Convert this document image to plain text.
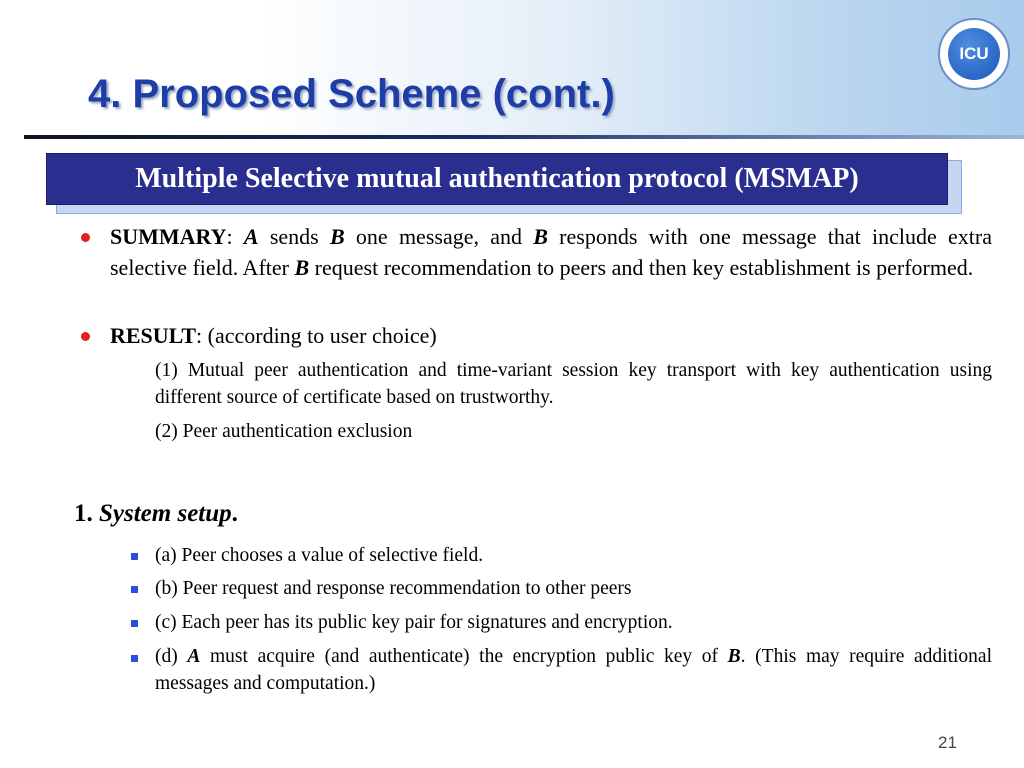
4. Proposed Scheme (cont.)
ICU
Multiple Selective mutual authentication protocol (MSMAP)
SUMMARY: A sends B one message, and B responds with one message that include extra selective field. After B request recommendation to peers and then key establishment is performed.
RESULT: (according to user choice)
(1) Mutual peer authentication and time-variant session key transport with key authentication using different source of certificate based on trustworthy.
(2) Peer authentication exclusion
1. System setup.
(a) Peer chooses a value of selective field.
(b) Peer request and response recommendation to other peers
(c) Each peer has its public key pair for signatures and encryption.
(d) A must acquire (and authenticate) the encryption public key of B. (This may require additional messages and computation.)
21
